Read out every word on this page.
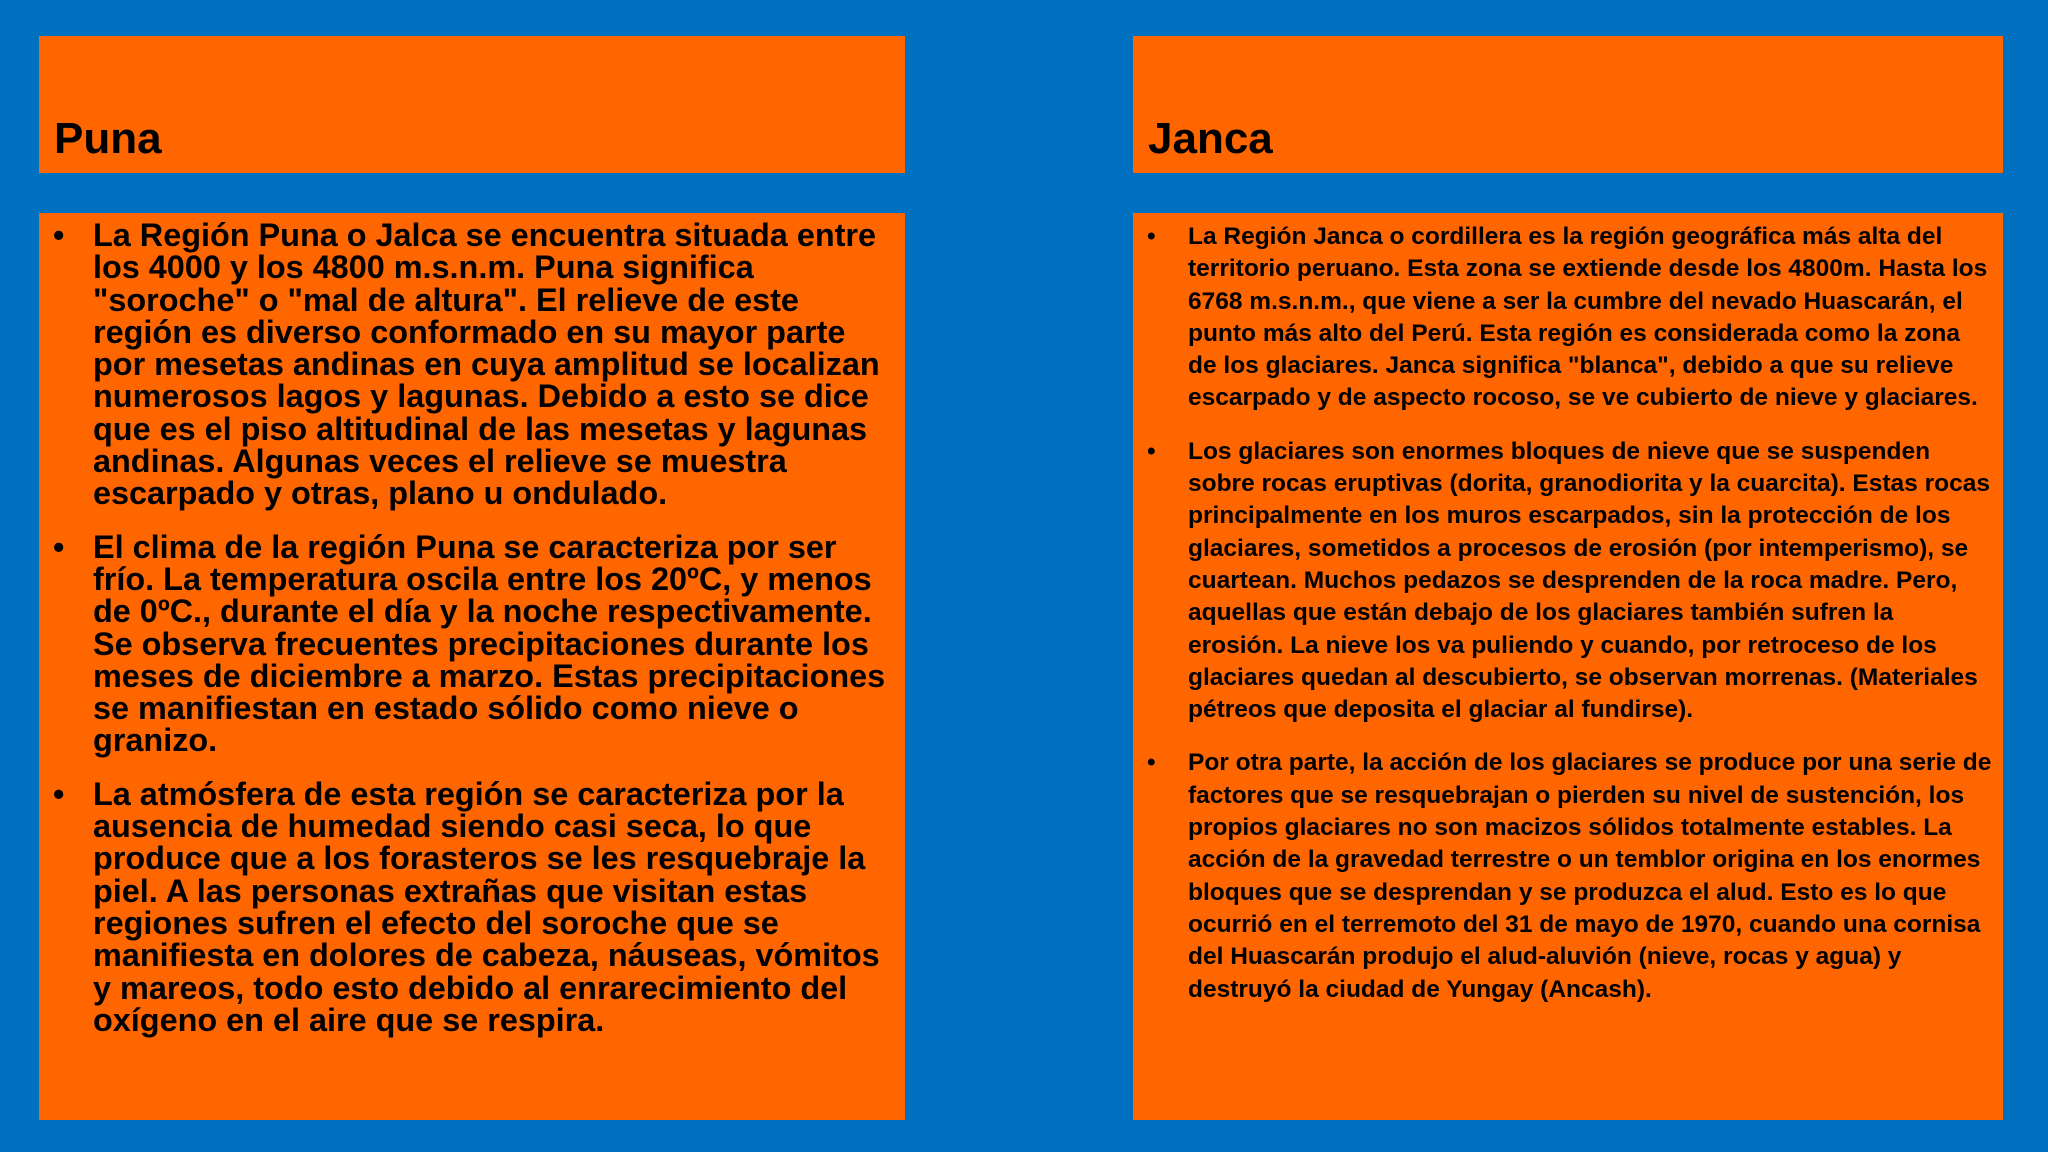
Puna
• La Región Puna o Jalca se encuentra situada entre los 4000 y los 4800 m.s.n.m. Puna significa "soroche" o "mal de altura". El relieve de este región es diverso conformado en su mayor parte por mesetas andinas en cuya amplitud se localizan numerosos lagos y lagunas. Debido a esto se dice que es el piso altitudinal de las mesetas y lagunas andinas. Algunas veces el relieve se muestra escarpado y otras, plano u ondulado.
• El clima de la región Puna se caracteriza por ser frío. La temperatura oscila entre los 20ºC, y menos de 0ºC., durante el día y la noche respectivamente. Se observa frecuentes precipitaciones durante los meses de diciembre a marzo. Estas precipitaciones se manifiestan en estado sólido como nieve o granizo.
• La atmósfera de esta región se caracteriza por la ausencia de humedad siendo casi seca, lo que produce que a los forasteros se les resquebraje la piel. A las personas extrañas que visitan estas regiones sufren el efecto del soroche que se manifiesta en dolores de cabeza, náuseas, vómitos y mareos, todo esto debido al enrarecimiento del oxígeno en el aire que se respira.
Janca
• La Región Janca o cordillera es la región geográfica más alta del territorio peruano. Esta zona se extiende desde los 4800m. Hasta los 6768 m.s.n.m., que viene a ser la cumbre del nevado Huascarán, el punto más alto del Perú. Esta región es considerada como la zona de los glaciares. Janca significa "blanca", debido a que su relieve escarpado y de aspecto rocoso, se ve cubierto de nieve y glaciares.
• Los glaciares son enormes bloques de nieve que se suspenden sobre rocas eruptivas (dorita, granodiorita y la cuarcita). Estas rocas principalmente en los muros escarpados, sin la protección de los glaciares, sometidos a procesos de erosión (por intemperismo), se cuartean. Muchos pedazos se desprenden de la roca madre. Pero, aquellas que están debajo de los glaciares también sufren la erosión. La nieve los va puliendo y cuando, por retroceso de los glaciares quedan al descubierto, se observan morrenas. (Materiales pétreos que deposita el glaciar al fundirse).
• Por otra parte, la acción de los glaciares se produce por una serie de factores que se resquebrajan o pierden su nivel de sustención, los propios glaciares no son macizos sólidos totalmente estables. La acción de la gravedad terrestre o un temblor origina en los enormes bloques que se desprendan y se produzca el alud. Esto es lo que ocurrió en el terremoto del 31 de mayo de 1970, cuando una cornisa del Huascarán produjo el alud-aluvión (nieve, rocas y agua) y destruyó la ciudad de Yungay (Ancash).
